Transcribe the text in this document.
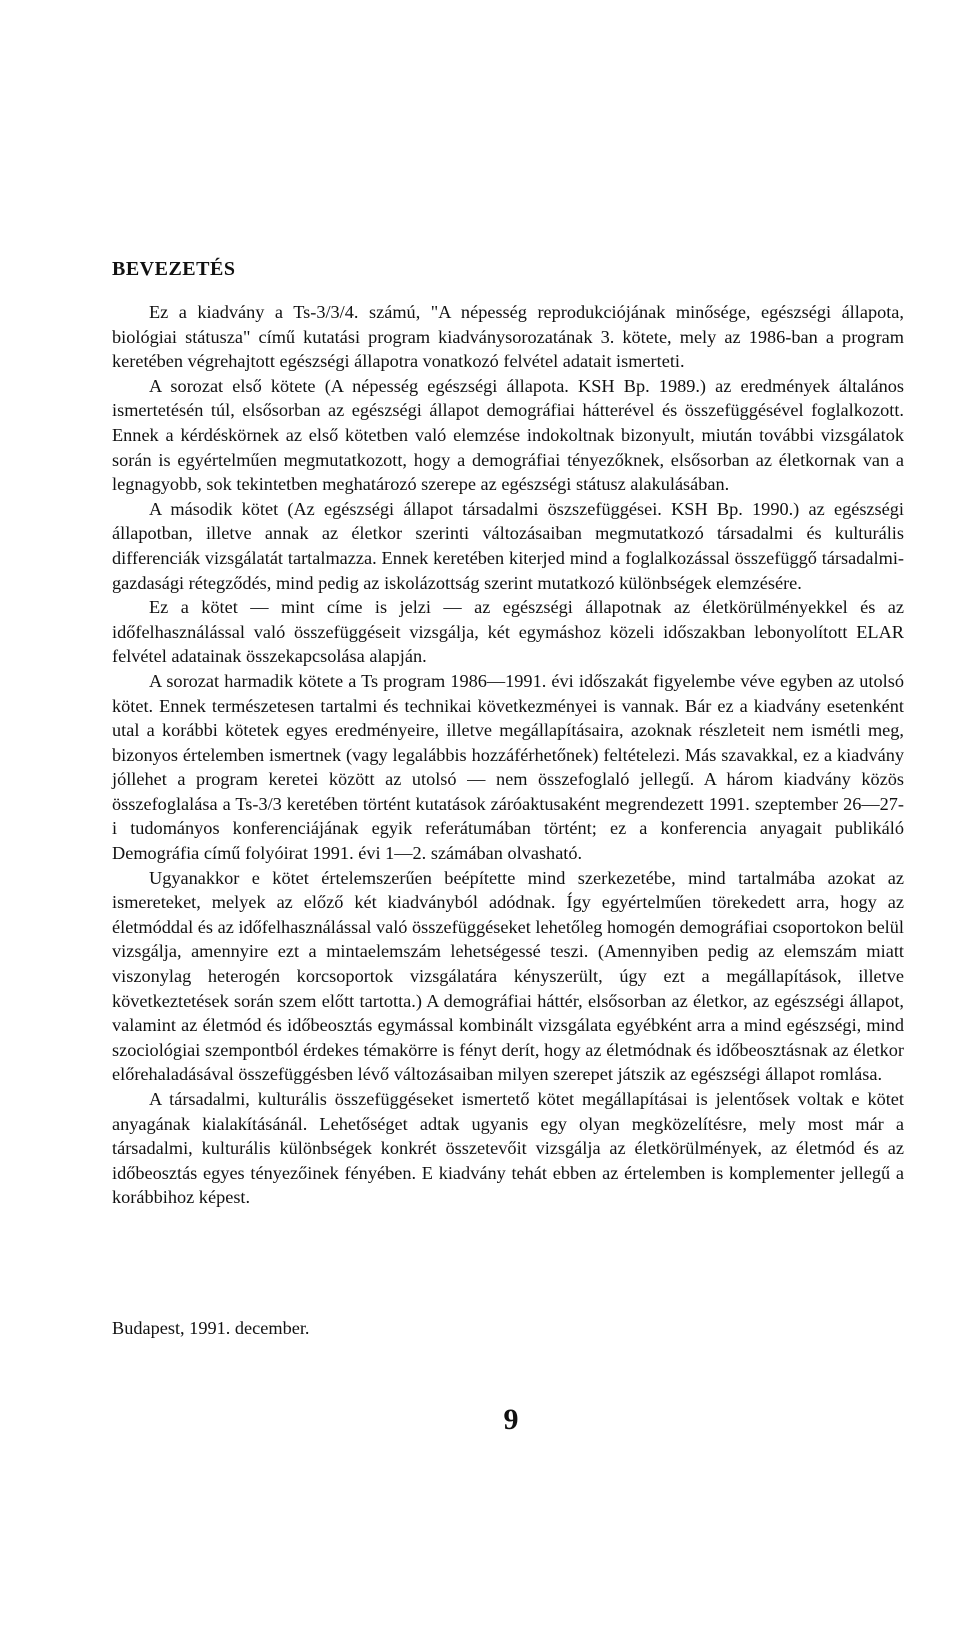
BEVEZETÉS

Ez a kiadvány a Ts-3/3/4. számú, "A népesség reprodukciójának minősége, egészségi állapota, biológiai státusza" című kutatási program kiadványsorozatának 3. kötete, mely az 1986-ban a program keretében végrehajtott egészségi állapotra vonatkozó felvétel adatait ismerteti.

A sorozat első kötete (A népesség egészségi állapota. KSH Bp. 1989.) az eredmények általános ismertetésén túl, elsősorban az egészségi állapot demográfiai hátterével és összefüggésével foglalkozott. Ennek a kérdéskörnek az első kötetben való elemzése indokoltnak bizonyult, miután további vizsgálatok során is egyértelműen megmutatkozott, hogy a demográfiai tényezőknek, elsősorban az életkornak van a legnagyobb, sok tekintetben meghatározó szerepe az egészségi státusz alakulásában.

A második kötet (Az egészségi állapot társadalmi öszszefüggései. KSH Bp. 1990.) az egészségi állapotban, illetve annak az életkor szerinti változásaiban megmutatkozó társadalmi és kulturális differenciák vizsgálatát tartalmazza. Ennek keretében kiterjed mind a foglalkozással összefüggő társadalmi-gazdasági rétegződés, mind pedig az iskolázottság szerint mutatkozó különbségek elemzésére.

Ez a kötet — mint címe is jelzi — az egészségi állapotnak az életkörülményekkel és az időfelhasználással való összefüggéseit vizsgálja, két egymáshoz közeli időszakban lebonyolított ELAR felvétel adatainak összekapcsolása alapján.

A sorozat harmadik kötete a Ts program 1986—1991. évi időszakát figyelembe véve egyben az utolsó kötet. Ennek természetesen tartalmi és technikai következményei is vannak. Bár ez a kiadvány esetenként utal a korábbi kötetek egyes eredményeire, illetve megállapításaira, azoknak részleteit nem ismétli meg, bizonyos értelemben ismertnek (vagy legalábbis hozzáférhetőnek) feltételezi. Más szavakkal, ez a kiadvány jóllehet a program keretei között az utolsó — nem összefoglaló jellegű. A három kiadvány közös összefoglalása a Ts-3/3 keretében történt kutatások záróaktusaként megrendezett 1991. szeptember 26—27-i tudományos konferenciájának egyik referátumában történt; ez a konferencia anyagait publikáló Demográfia című folyóirat 1991. évi 1—2. számában olvasható.

Ugyanakkor e kötet értelemszerűen beépítette mind szerkezetébe, mind tartalmába azokat az ismereteket, melyek az előző két kiadványból adódnak. Így egyértelműen törekedett arra, hogy az életmóddal és az időfelhasználással való összefüggéseket lehetőleg homogén demográfiai csoportokon belül vizsgálja, amennyire ezt a mintaelemszám lehetségessé teszi. (Amennyiben pedig az elemszám miatt viszonylag heterogén korcsoportok vizsgálatára kényszerült, úgy ezt a megállapítások, illetve következtetések során szem előtt tartotta.) A demográfiai háttér, elsősorban az életkor, az egészségi állapot, valamint az életmód és időbeosztás egymással kombinált vizsgálata egyébként arra a mind egészségi, mind szociológiai szempontból érdekes témakörre is fényt derít, hogy az életmódnak és időbeosztásnak az életkor előrehaladásával összefüggésben lévő változásaiban milyen szerepet játszik az egészségi állapot romlása.

A társadalmi, kulturális összefüggéseket ismertető kötet megállapításai is jelentősek voltak e kötet anyagának kialakításánál. Lehetőséget adtak ugyanis egy olyan megközelítésre, mely most már a társadalmi, kulturális különbségek konkrét összetevőit vizsgálja az életkörülmények, az életmód és az időbeosztás egyes tényezőinek fényében. E kiadvány tehát ebben az értelemben is komplementer jellegű a korábbihoz képest.

Budapest, 1991. december.
9
